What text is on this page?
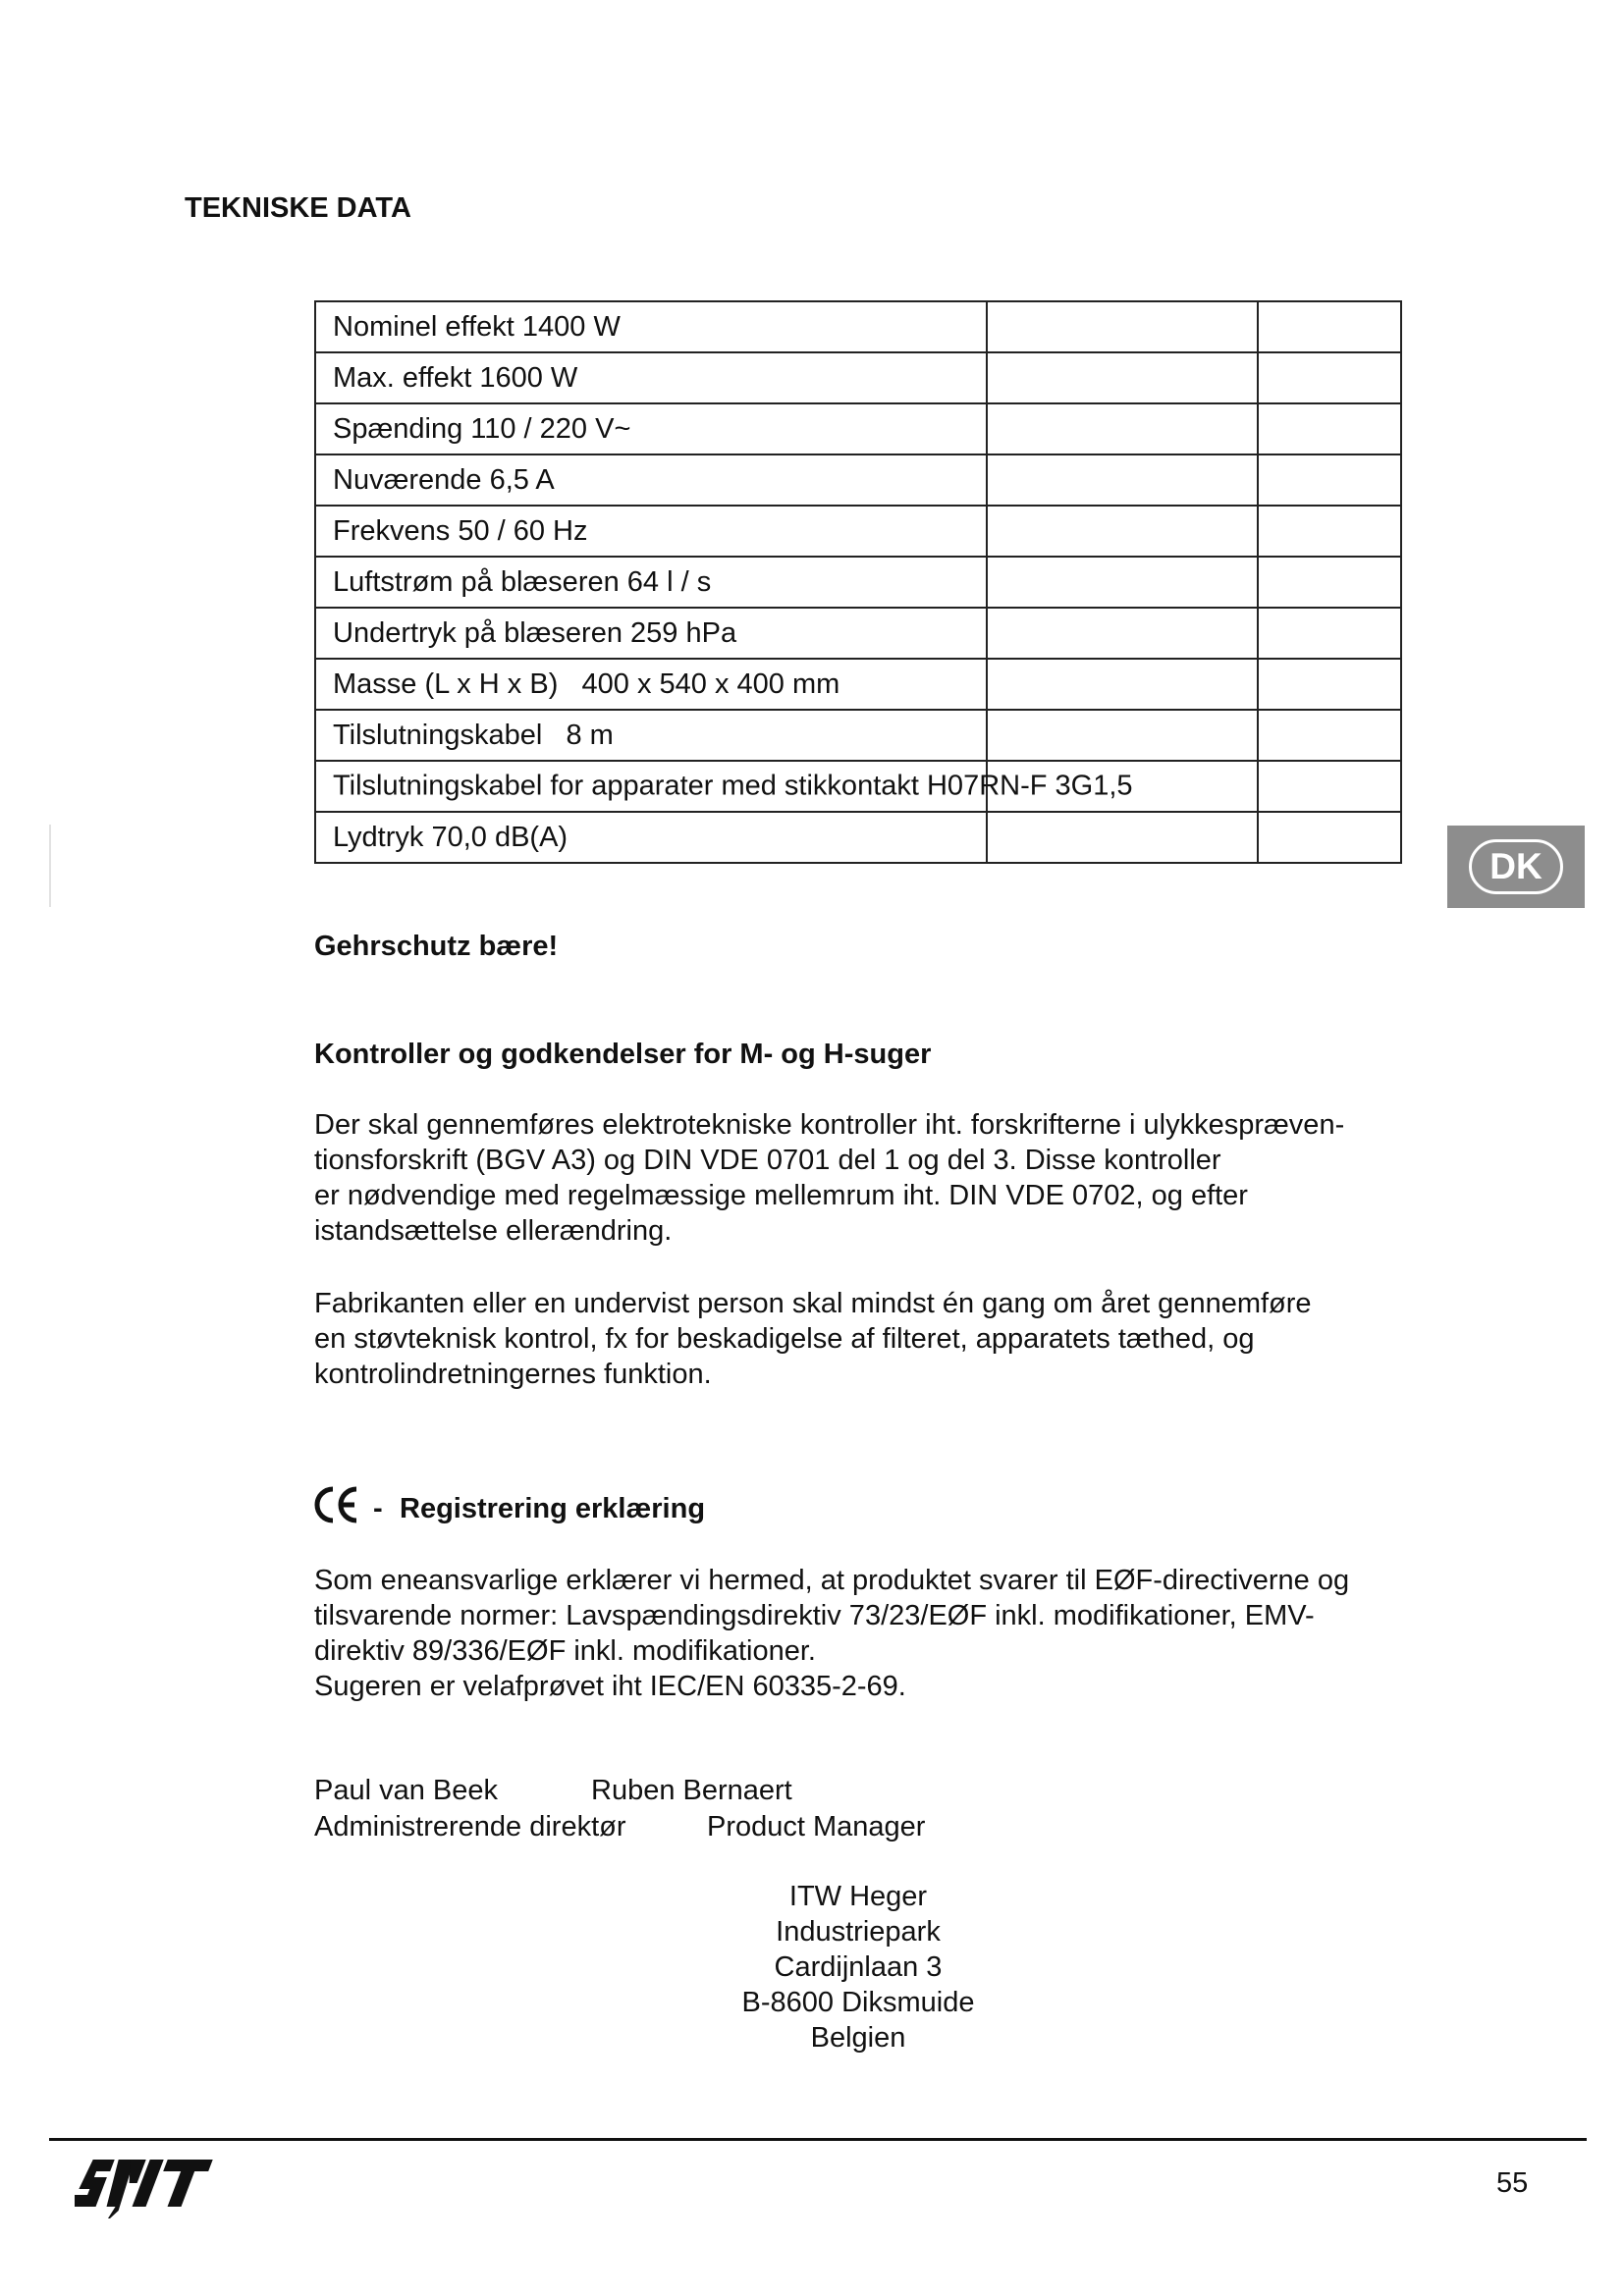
TEKNISKE DATA
Nominel effekt 1400 W		
Max. effekt 1600 W		
Spænding 110 / 220 V~		
Nuværende 6,5 A		
Frekvens 50 / 60 Hz		
Luftstrøm på blæseren 64 l / s		
Undertryk på blæseren 259 hPa		
Masse (L x H x B)   400 x 540 x 400 mm		
Tilslutningskabel   8 m		

Tilslutningskabel for apparater med stikkontakt H07RN-F 3G1,5		

Lydtryk 70,0 dB(A)		
DK

Gehrschutz bære!

Kontroller og godkendelser for M- og H-suger

Der skal gennemføres elektrotekniske kontroller iht. forskrifterne i ulykkespræven-

tionsforskrift (BGV A3) og DIN VDE 0701 del 1 og del 3. Disse kontroller

er nødvendige med regelmæssige mellemrum iht. DIN VDE 0702, og efter

istandsættelse ellerændring.

Fabrikanten eller en undervist person skal mindst én gang om året gennemføre

en støvteknisk kontrol, fx for beskadigelse af filteret, apparatets tæthed, og

kontrolindretningernes funktion.

- Registrering erklæring

Som eneansvarlige erklærer vi hermed, at produktet svarer til EØF-directiverne og

tilsvarende normer: Lavspændingsdirektiv 73/23/EØF inkl. modifikationer, EMV-

direktiv 89/336/EØF inkl. modifikationer.

Sugeren er velafprøvet iht IEC/EN 60335-2-69.

Paul van Beek	Ruben Bernaert

Administrerende direktør	Product Manager

ITW Heger

Industriepark

Cardijnlaan 3

B-8600 Diksmuide

Belgien

55
